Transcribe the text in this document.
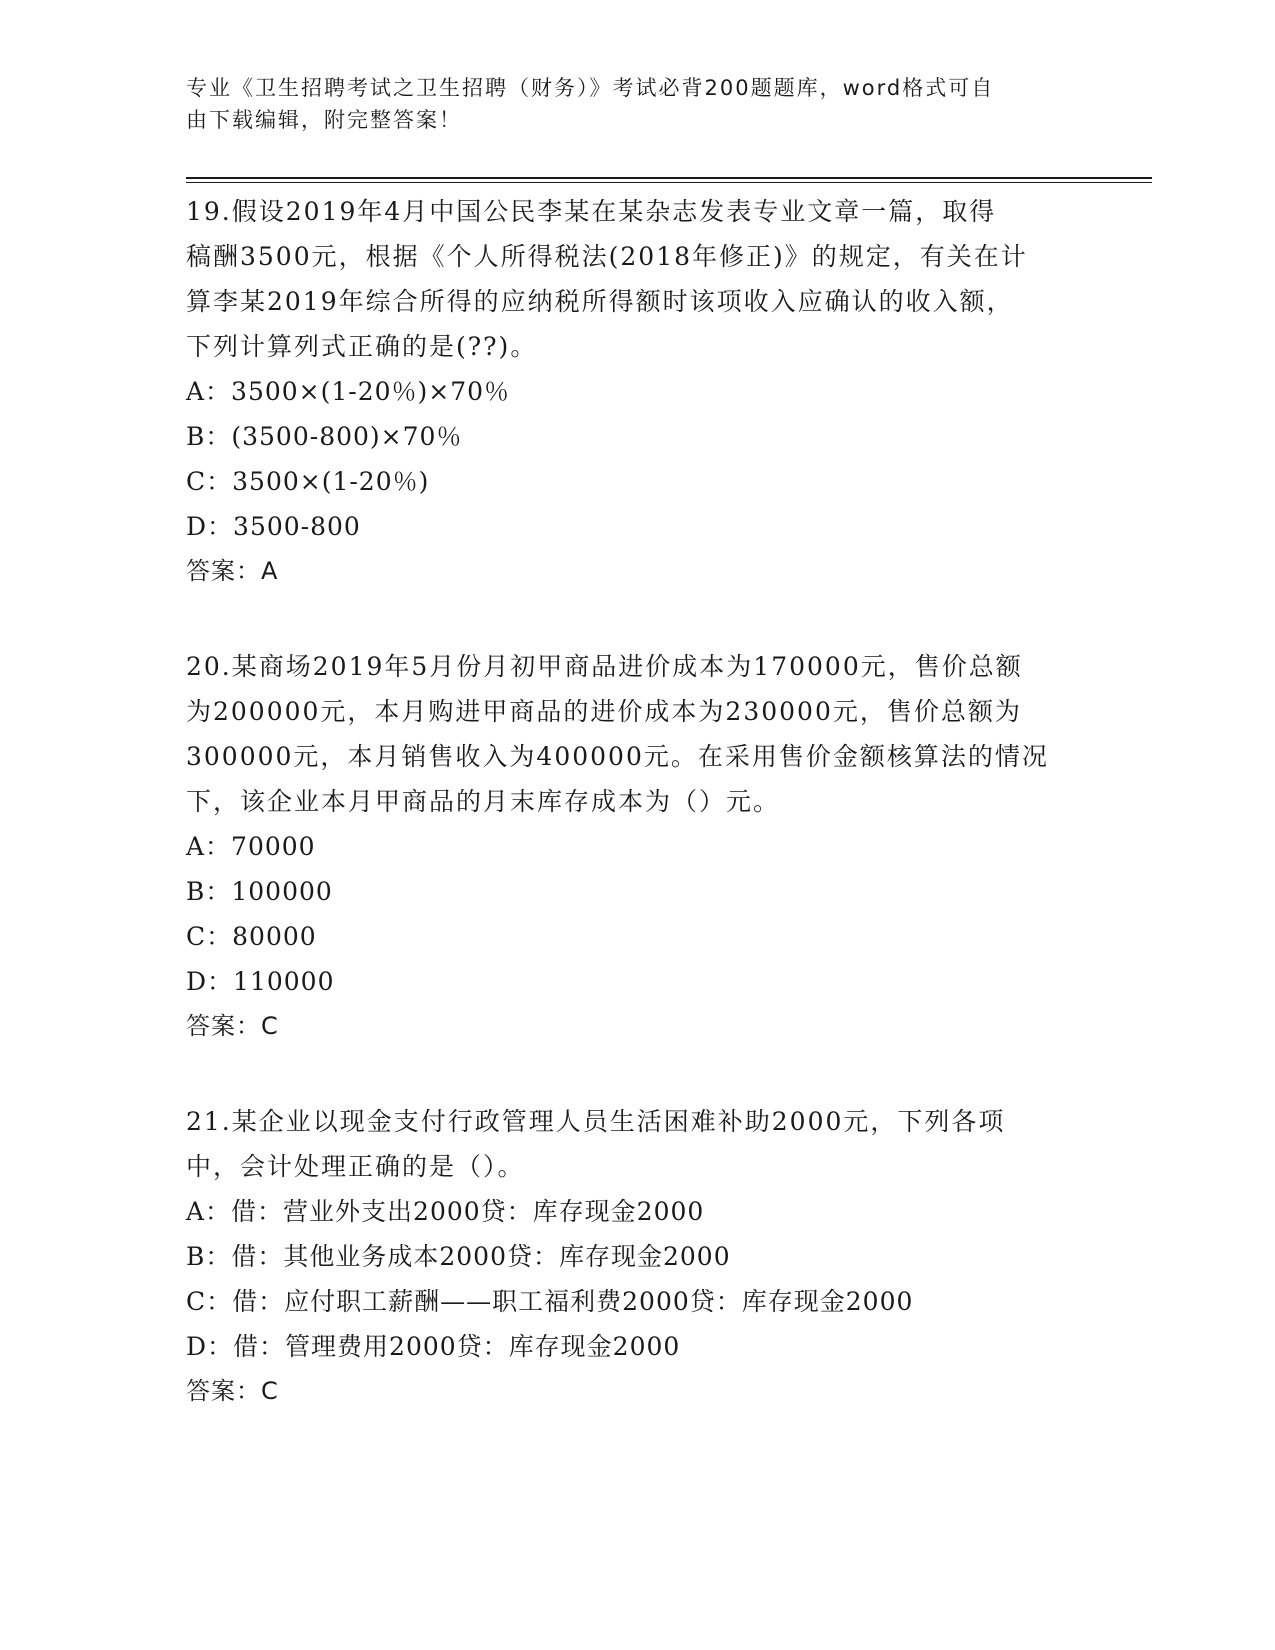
专业《卫生招聘考试之卫生招聘（财务）》考试必背200题题库，word格式可自
由下载编辑，附完整答案！
19.假设2019年4月中国公民李某在某杂志发表专业文章一篇，取得
稿酬3500元，根据《个人所得税法(2018年修正)》的规定，有关在计
算李某2019年综合所得的应纳税所得额时该项收入应确认的收入额，
下列计算列式正确的是(??)。
A：3500×(1-20％)×70％
B：(3500-800)×70％
C：3500×(1-20％)
D：3500-800
答案：A
20.某商场2019年5月份月初甲商品进价成本为170000元，售价总额
为200000元，本月购进甲商品的进价成本为230000元，售价总额为
300000元，本月销售收入为400000元。在采用售价金额核算法的情况
下，该企业本月甲商品的月末库存成本为（）元。
A：70000
B：100000
C：80000
D：110000
答案：C
21.某企业以现金支付行政管理人员生活困难补助2000元，下列各项
中，会计处理正确的是（）。
A：借：营业外支出2000贷：库存现金2000
B：借：其他业务成本2000贷：库存现金2000
C：借：应付职工薪酬——职工福利费2000贷：库存现金2000
D：借：管理费用2000贷：库存现金2000
答案：C
